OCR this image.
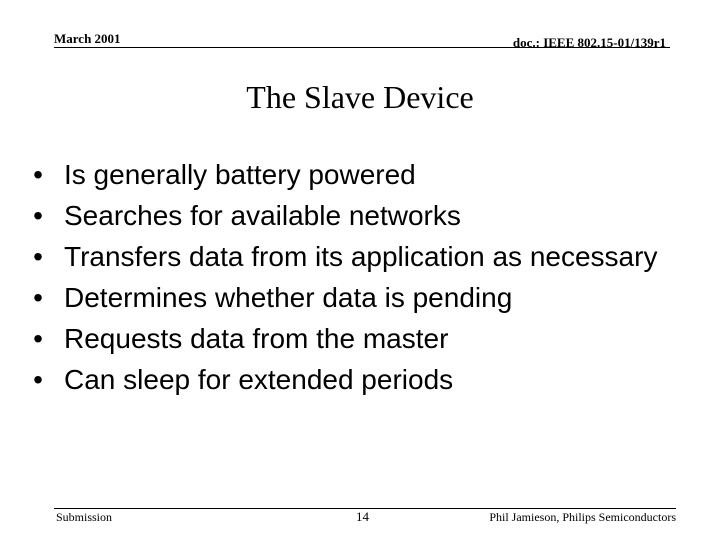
March 2001	doc.: IEEE 802.15-01/139r1
The Slave Device
• Is generally battery powered
• Searches for available networks
• Transfers data from its application as necessary
• Determines whether data is pending
• Requests data from the master
• Can sleep for extended periods
Submission	14	Phil Jamieson, Philips Semiconductors
